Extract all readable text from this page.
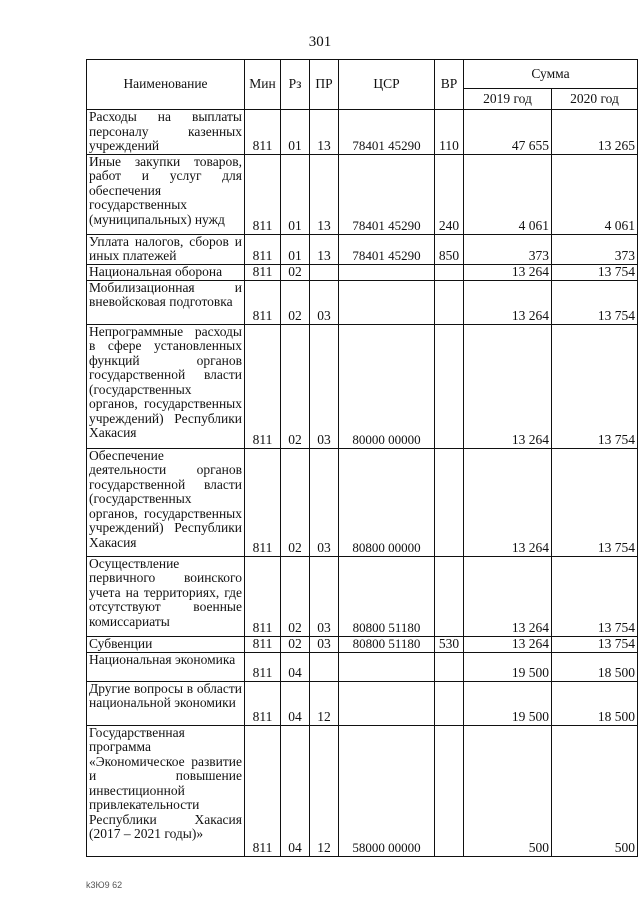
301
Наименование	Мин	Рз	ПР	ЦСР	ВР	Сумма	
						2019 год	2020 год
Расходы на выплаты персоналу казенных учреждений	811	01	13	78401 45290	110	47 655	13 265
Иные закупки товаров, работ и услуг для обеспечения государственных (муниципальных) нужд	811	01	13	78401 45290	240	4 061	4 061
Уплата налогов, сборов и иных платежей	811	01	13	78401 45290	850	373	373
Национальная оборона	811	02				13 264	13 754
Мобилизационная и вневойсковая подготовка	811	02	03			13 264	13 754
Непрограммные расходы в сфере установленных функций органов государственной власти (государственных органов, государственных учреждений) Республики Хакасия	811	02	03	80000 00000		13 264	13 754
Обеспечение деятельности органов государственной власти (государственных органов, государственных учреждений) Республики Хакасия	811	02	03	80800 00000		13 264	13 754
Осуществление первичного воинского учета на территориях, где отсутствуют военные комиссариаты	811	02	03	80800 51180		13 264	13 754
Субвенции	811	02	03	80800 51180	530	13 264	13 754
Национальная экономика	811	04				19 500	18 500
Другие вопросы в области национальной экономики	811	04	12			19 500	18 500
Государственная программа «Экономическое развитие и повышение инвестиционной привлекательности Республики Хакасия (2017 – 2021 годы)»	811	04	12	58000 00000		500	500
k3Ю9 62
